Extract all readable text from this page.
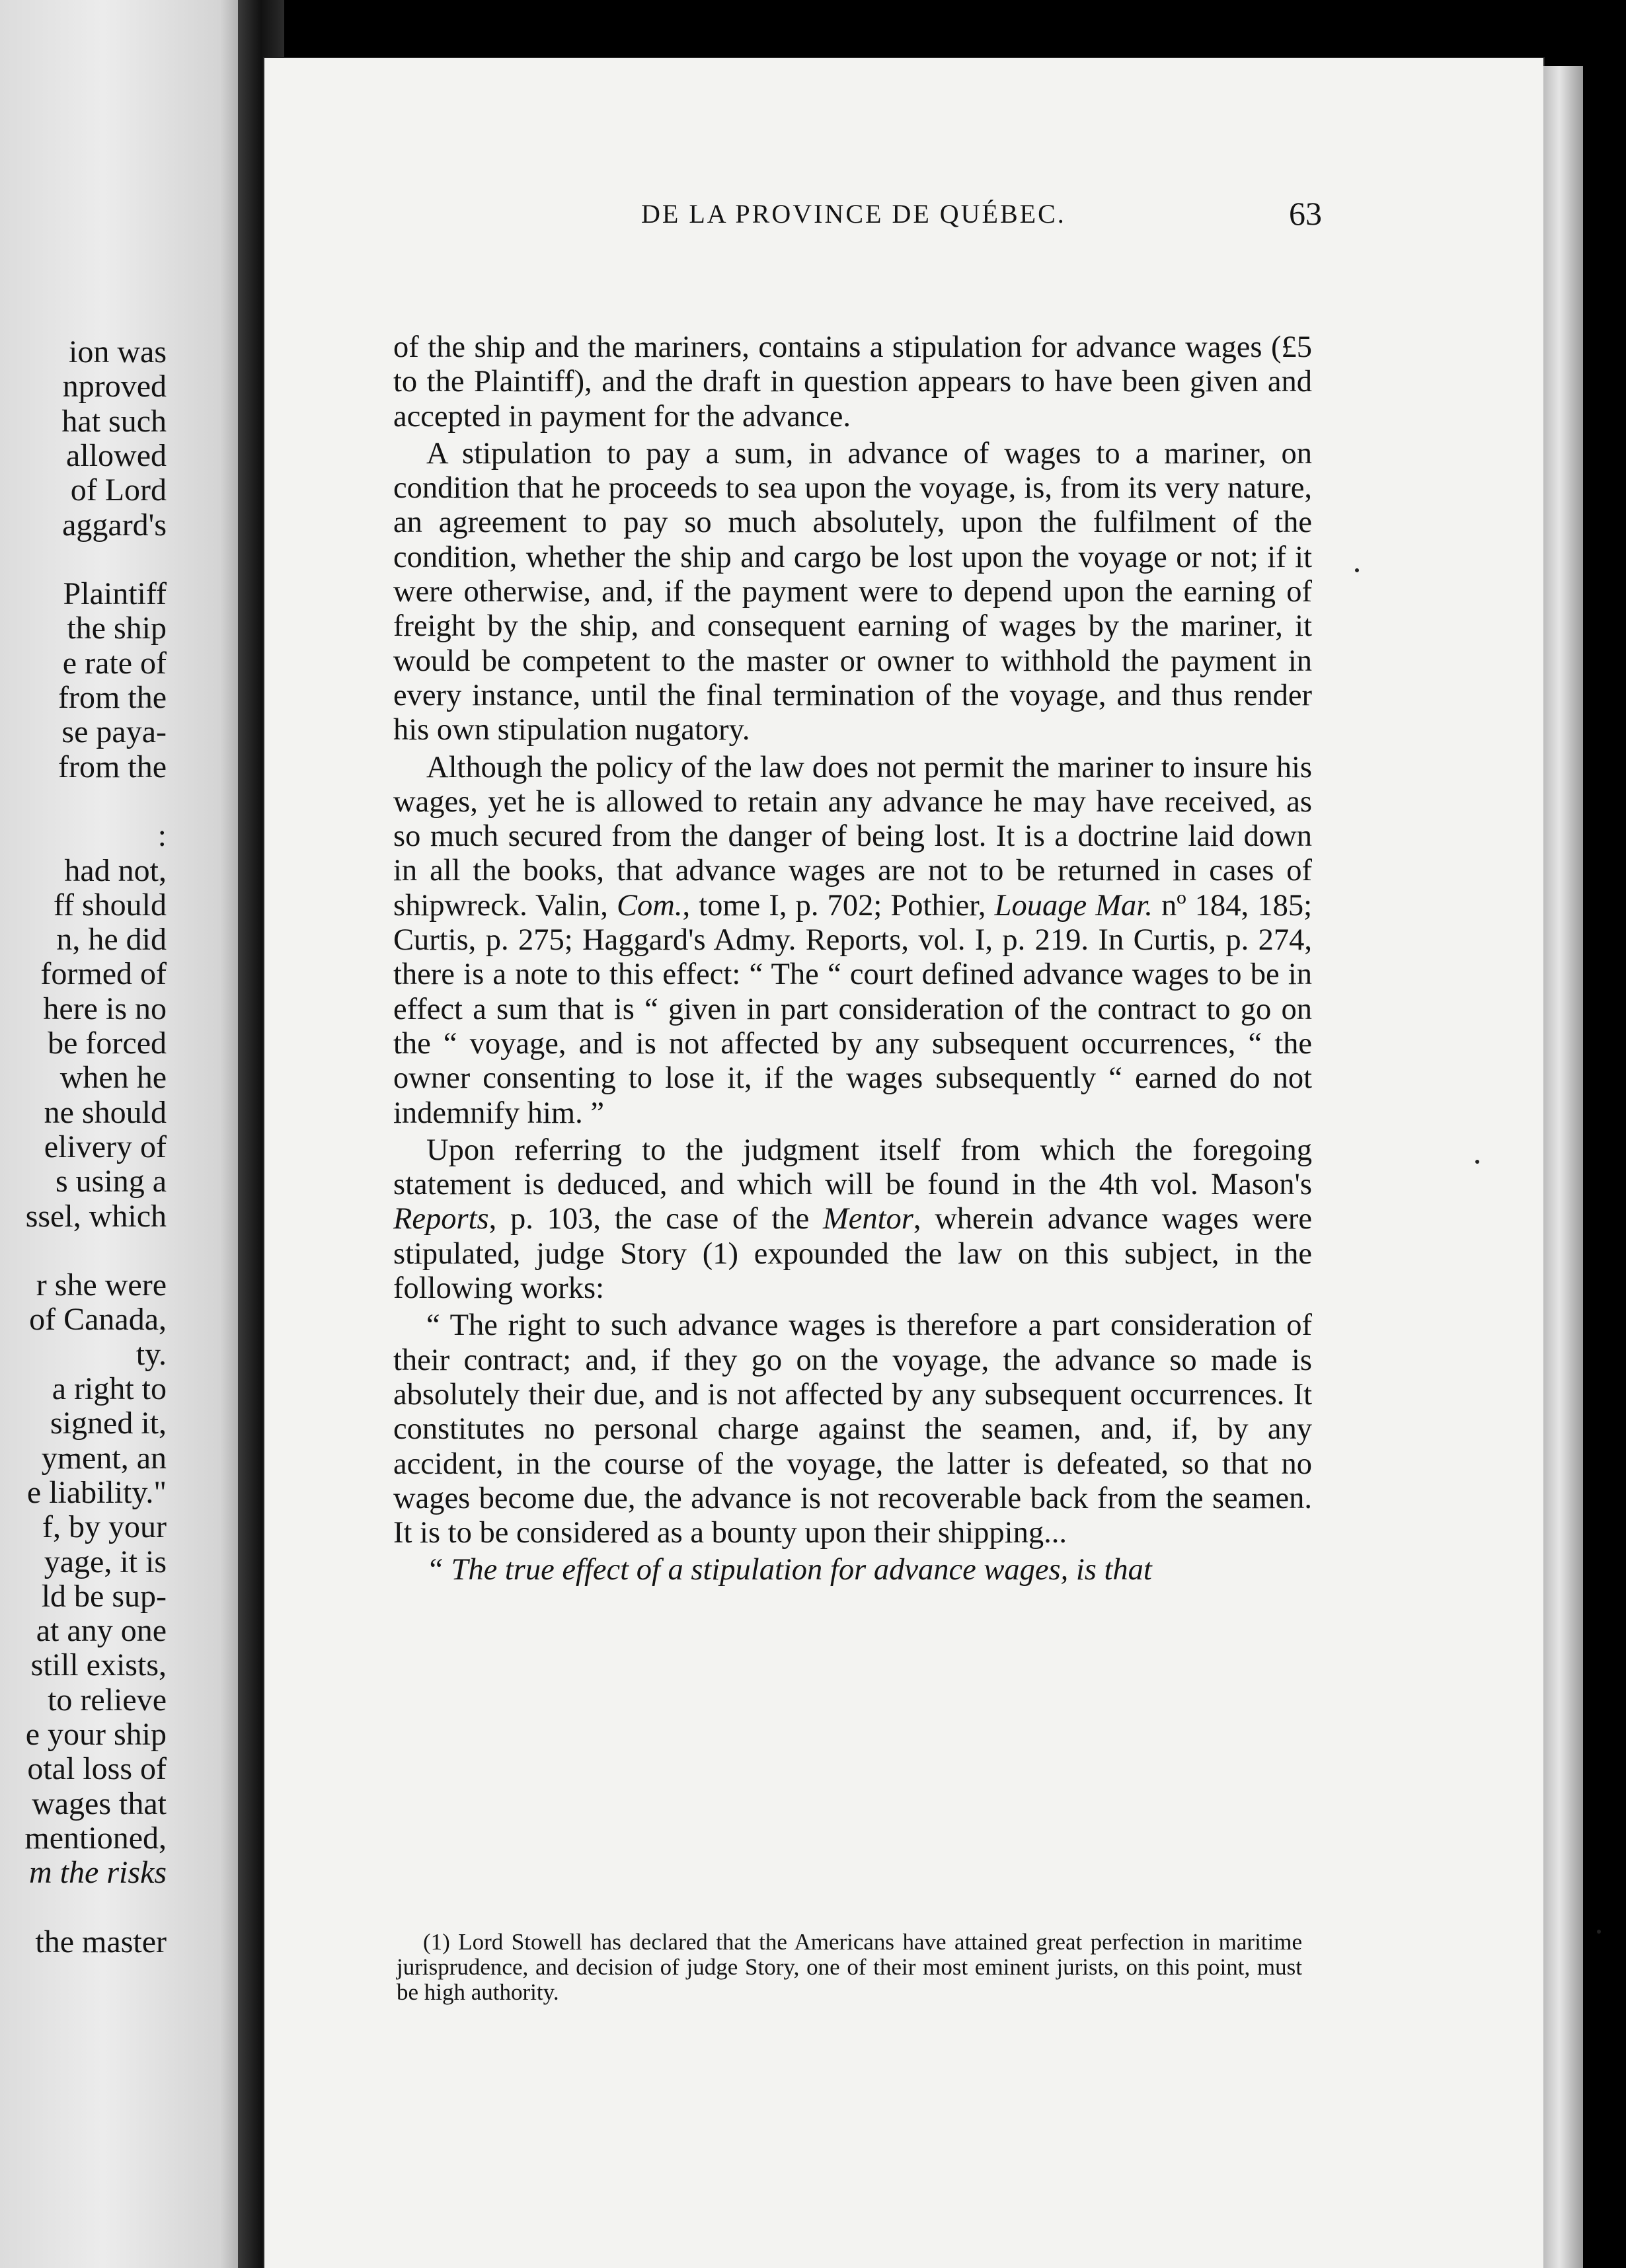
ion was
nproved
hat such
allowed
of Lord
aggard's
Plaintiff
the ship
e rate of
from the
se paya-
from the
:
had not,
ff should
n, he did
formed of
here is no
be forced
when he
ne should
elivery of
s using a
ssel, which
r she were
of Canada,
ty.
a right to
signed it,
yment, an
e liability."
f, by your
yage, it is
ld be sup-
at any one
still exists,
to relieve
e your ship
otal loss of
wages that
mentioned,
m the risks
the master
DE LA PROVINCE DE QUÉBEC.	63

of the ship and the mariners, contains a stipulation for advance wages (£5 to the Plaintiff), and the draft in question appears to have been given and accepted in payment for the advance.

A stipulation to pay a sum, in advance of wages to a mariner, on condition that he proceeds to sea upon the voyage, is, from its very nature, an agreement to pay so much absolutely, upon the fulfilment of the condition, whether the ship and cargo be lost upon the voyage or not; if it were otherwise, and, if the payment were to depend upon the earning of freight by the ship, and consequent earning of wages by the mariner, it would be competent to the master or owner to withhold the payment in every instance, until the final termination of the voyage, and thus render his own stipulation nugatory.

Although the policy of the law does not permit the mariner to insure his wages, yet he is allowed to retain any advance he may have received, as so much secured from the danger of being lost. It is a doctrine laid down in all the books, that advance wages are not to be returned in cases of shipwreck. Valin, Com., tome I, p. 702; Pothier, Louage Mar. nº 184, 185; Curtis, p. 275; Haggard's Admy. Reports, vol. I, p. 219. In Curtis, p. 274, there is a note to this effect: “ The “ court defined advance wages to be in effect a sum that is “ given in part consideration of the contract to go on the “ voyage, and is not affected by any subsequent occurrences, “ the owner consenting to lose it, if the wages subsequently “ earned do not indemnify him. ”

Upon referring to the judgment itself from which the foregoing statement is deduced, and which will be found in the 4th vol. Mason's Reports, p. 103, the case of the Mentor, wherein advance wages were stipulated, judge Story (1) expounded the law on this subject, in the following works:

“ The right to such advance wages is therefore a part consideration of their contract; and, if they go on the voyage, the advance so made is absolutely their due, and is not affected by any subsequent occurrences. It constitutes no personal charge against the seamen, and, if, by any accident, in the course of the voyage, the latter is defeated, so that no wages become due, the advance is not recoverable back from the seamen. It is to be considered as a bounty upon their shipping...

“ The true effect of a stipulation for advance wages, is that

(1) Lord Stowell has declared that the Americans have attained great perfection in maritime jurisprudence, and decision of judge Story, one of their most eminent jurists, on this point, must be high authority.
